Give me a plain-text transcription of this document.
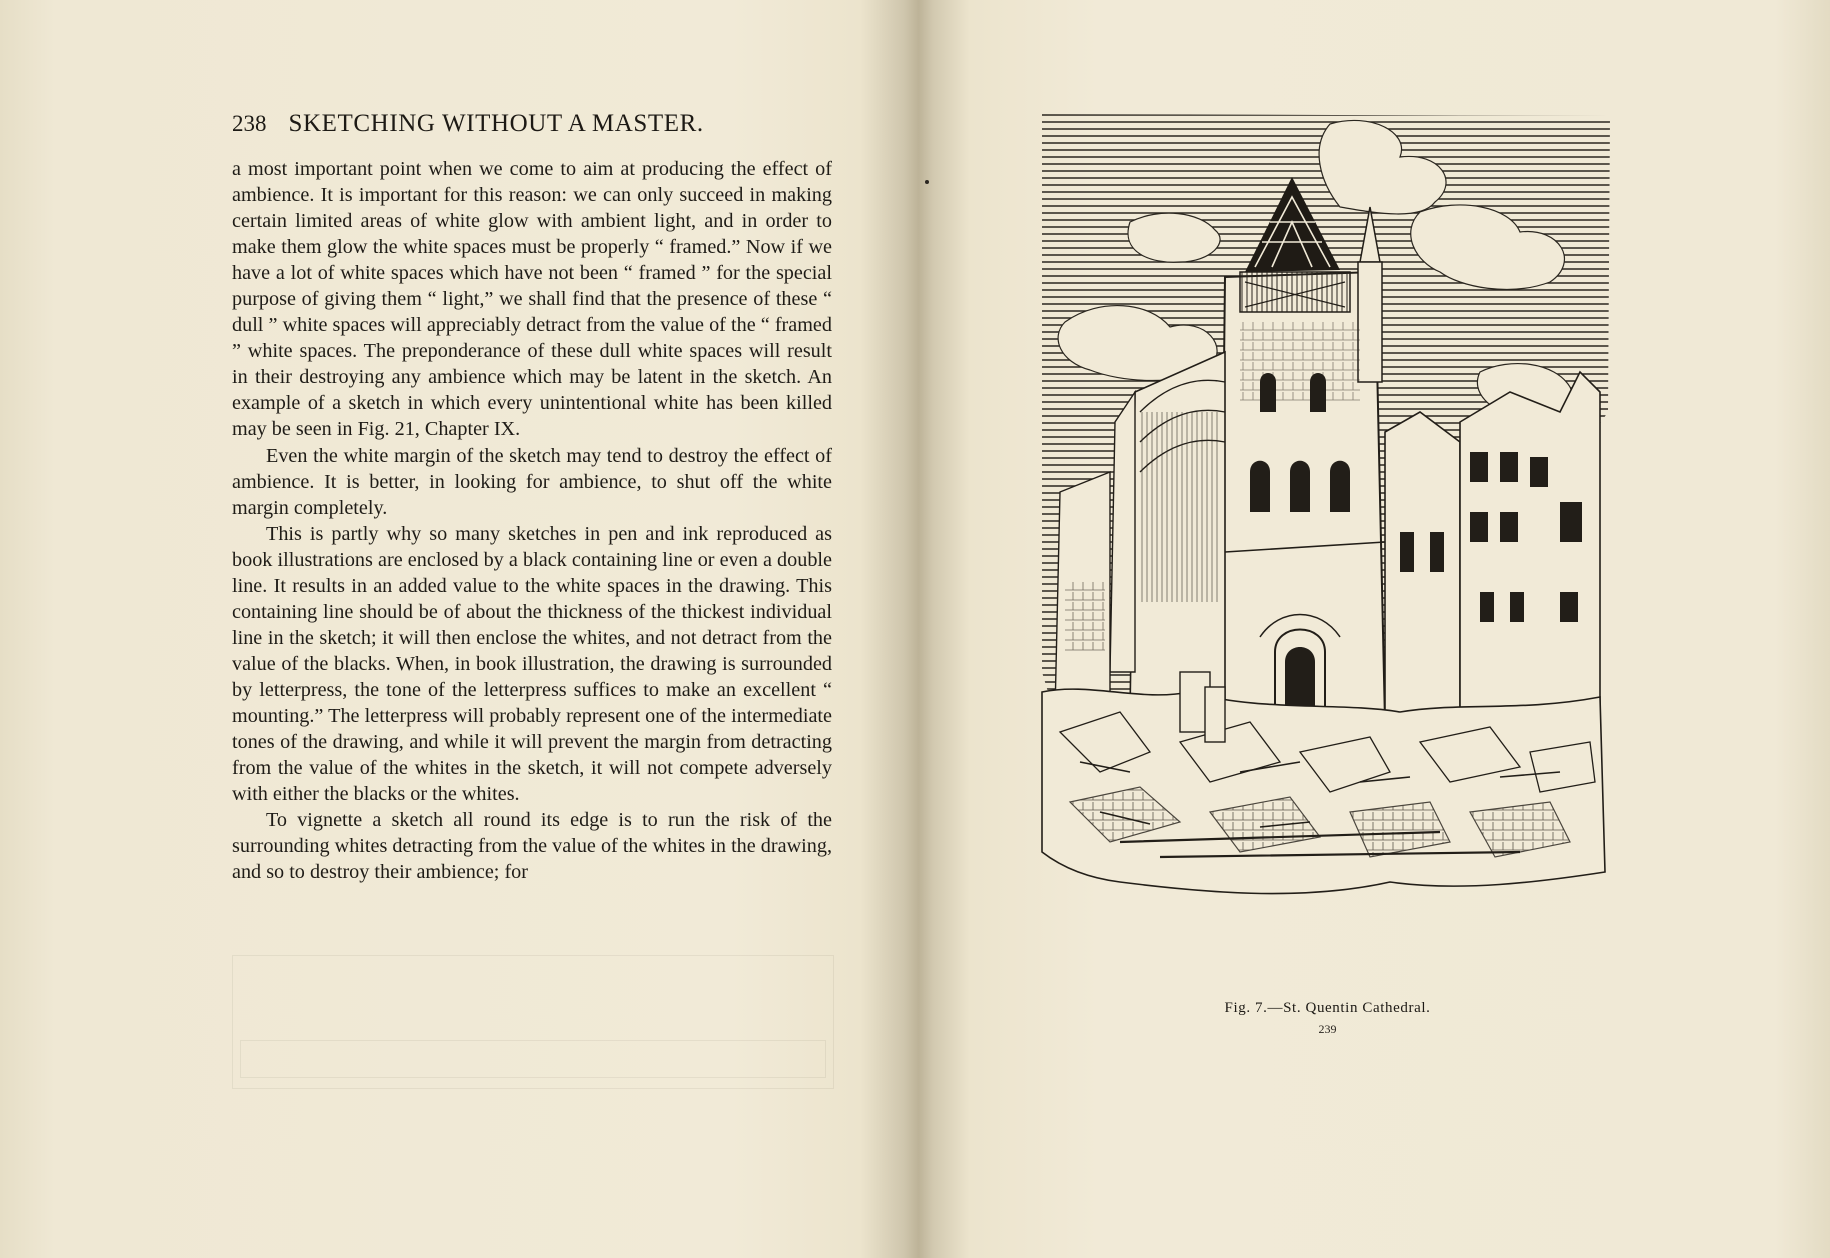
238 SKETCHING WITHOUT A MASTER.

a most important point when we come to aim at producing the effect of ambience. It is important for this reason: we can only succeed in making certain limited areas of white glow with ambient light, and in order to make them glow the white spaces must be properly “ framed.” Now if we have a lot of white spaces which have not been “ framed ” for the special purpose of giving them “ light,” we shall find that the presence of these “ dull ” white spaces will appreciably detract from the value of the “ framed ” white spaces. The preponderance of these dull white spaces will result in their destroying any ambience which may be latent in the sketch. An example of a sketch in which every unintentional white has been killed may be seen in Fig. 21, Chapter IX.

Even the white margin of the sketch may tend to destroy the effect of ambience. It is better, in looking for ambience, to shut off the white margin completely.

This is partly why so many sketches in pen and ink reproduced as book illustrations are enclosed by a black containing line or even a double line. It results in an added value to the white spaces in the drawing. This containing line should be of about the thickness of the thickest individual line in the sketch; it will then enclose the whites, and not detract from the value of the blacks. When, in book illustration, the drawing is surrounded by letterpress, the tone of the letterpress suffices to make an excellent “ mounting.” The letterpress will probably represent one of the intermediate tones of the drawing, and while it will prevent the margin from detracting from the value of the whites in the sketch, it will not compete adversely with either the blacks or the whites.

To vignette a sketch all round its edge is to run the risk of the surrounding whites detracting from the value of the whites in the drawing, and so to destroy their ambience; for

Fig. 7.—St. Quentin Cathedral.
239
